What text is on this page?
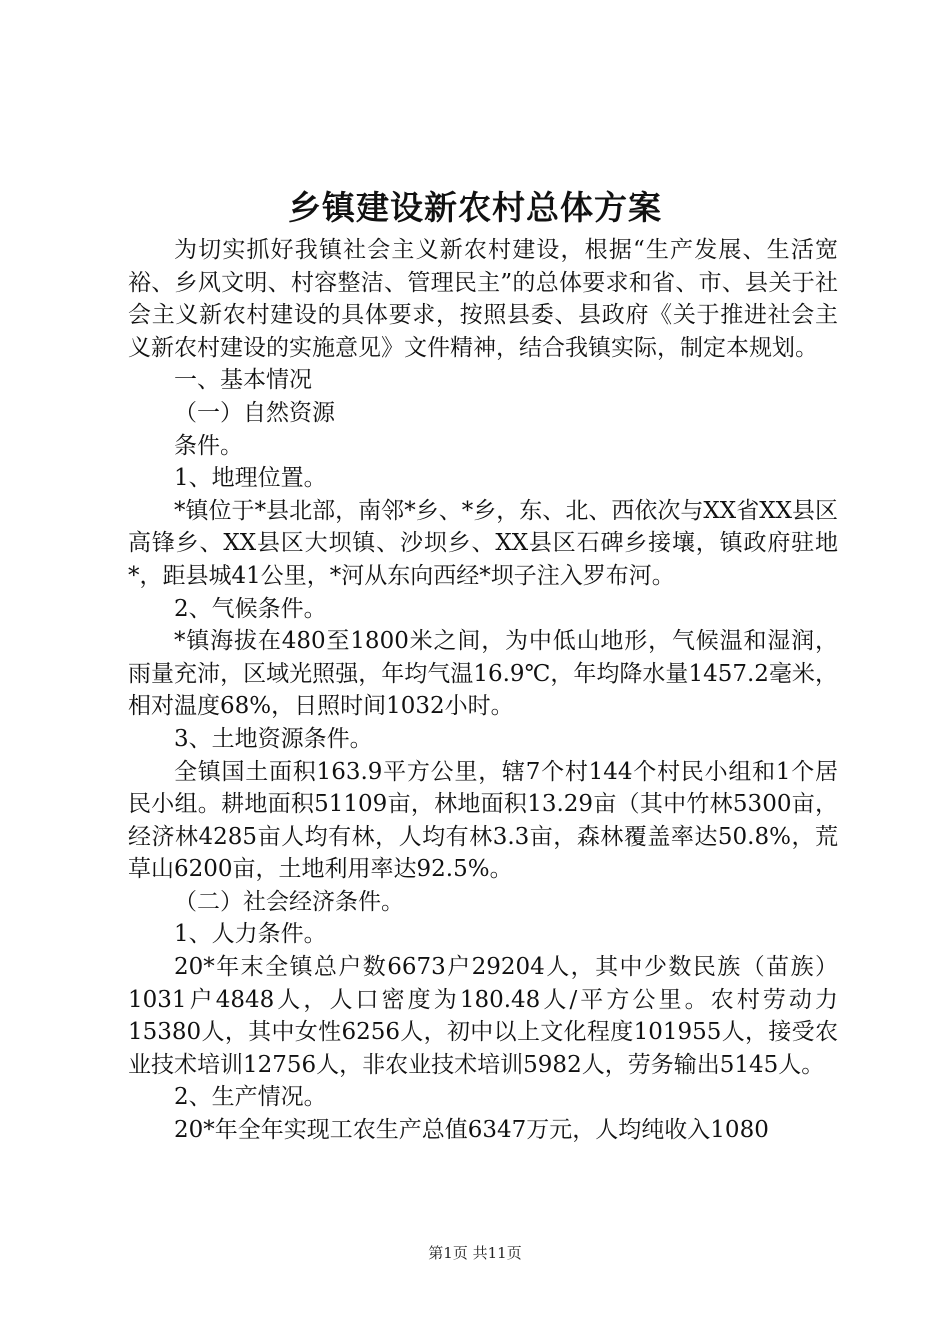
乡镇建设新农村总体方案

为切实抓好我镇社会主义新农村建设，根据“生产发展、生活宽裕、乡风文明、村容整洁、管理民主”的总体要求和省、市、县关于社会主义新农村建设的具体要求，按照县委、县政府《关于推进社会主义新农村建设的实施意见》文件精神，结合我镇实际，制定本规划。

一、基本情况

（一）自然资源

条件。

1、地理位置。

*镇位于*县北部，南邻*乡、*乡，东、北、西依次与XX省XX县区高锋乡、XX县区大坝镇、沙坝乡、XX县区石碑乡接壤，镇政府驻地*，距县城41公里，*河从东向西经*坝子注入罗布河。

2、气候条件。

*镇海拔在480至1800米之间，为中低山地形，气候温和湿润，雨量充沛，区域光照强，年均气温16.9℃，年均降水量1457.2毫米，相对温度68%，日照时间1032小时。

3、土地资源条件。

全镇国土面积163.9平方公里，辖7个村144个村民小组和1个居民小组。耕地面积51109亩，林地面积13.29亩（其中竹林5300亩，经济林4285亩人均有林，人均有林3.3亩，森林覆盖率达50.8%，荒草山6200亩，土地利用率达92.5%。

（二）社会经济条件。

1、人力条件。

20*年末全镇总户数6673户29204人，其中少数民族（苗族）1031户4848人，人口密度为180.48人/平方公里。农村劳动力15380人，其中女性6256人，初中以上文化程度101955人，接受农业技术培训12756人，非农业技术培训5982人，劳务输出5145人。

2、生产情况。

20*年全年实现工农生产总值6347万元，人均纯收入1080

第1页 共11页
